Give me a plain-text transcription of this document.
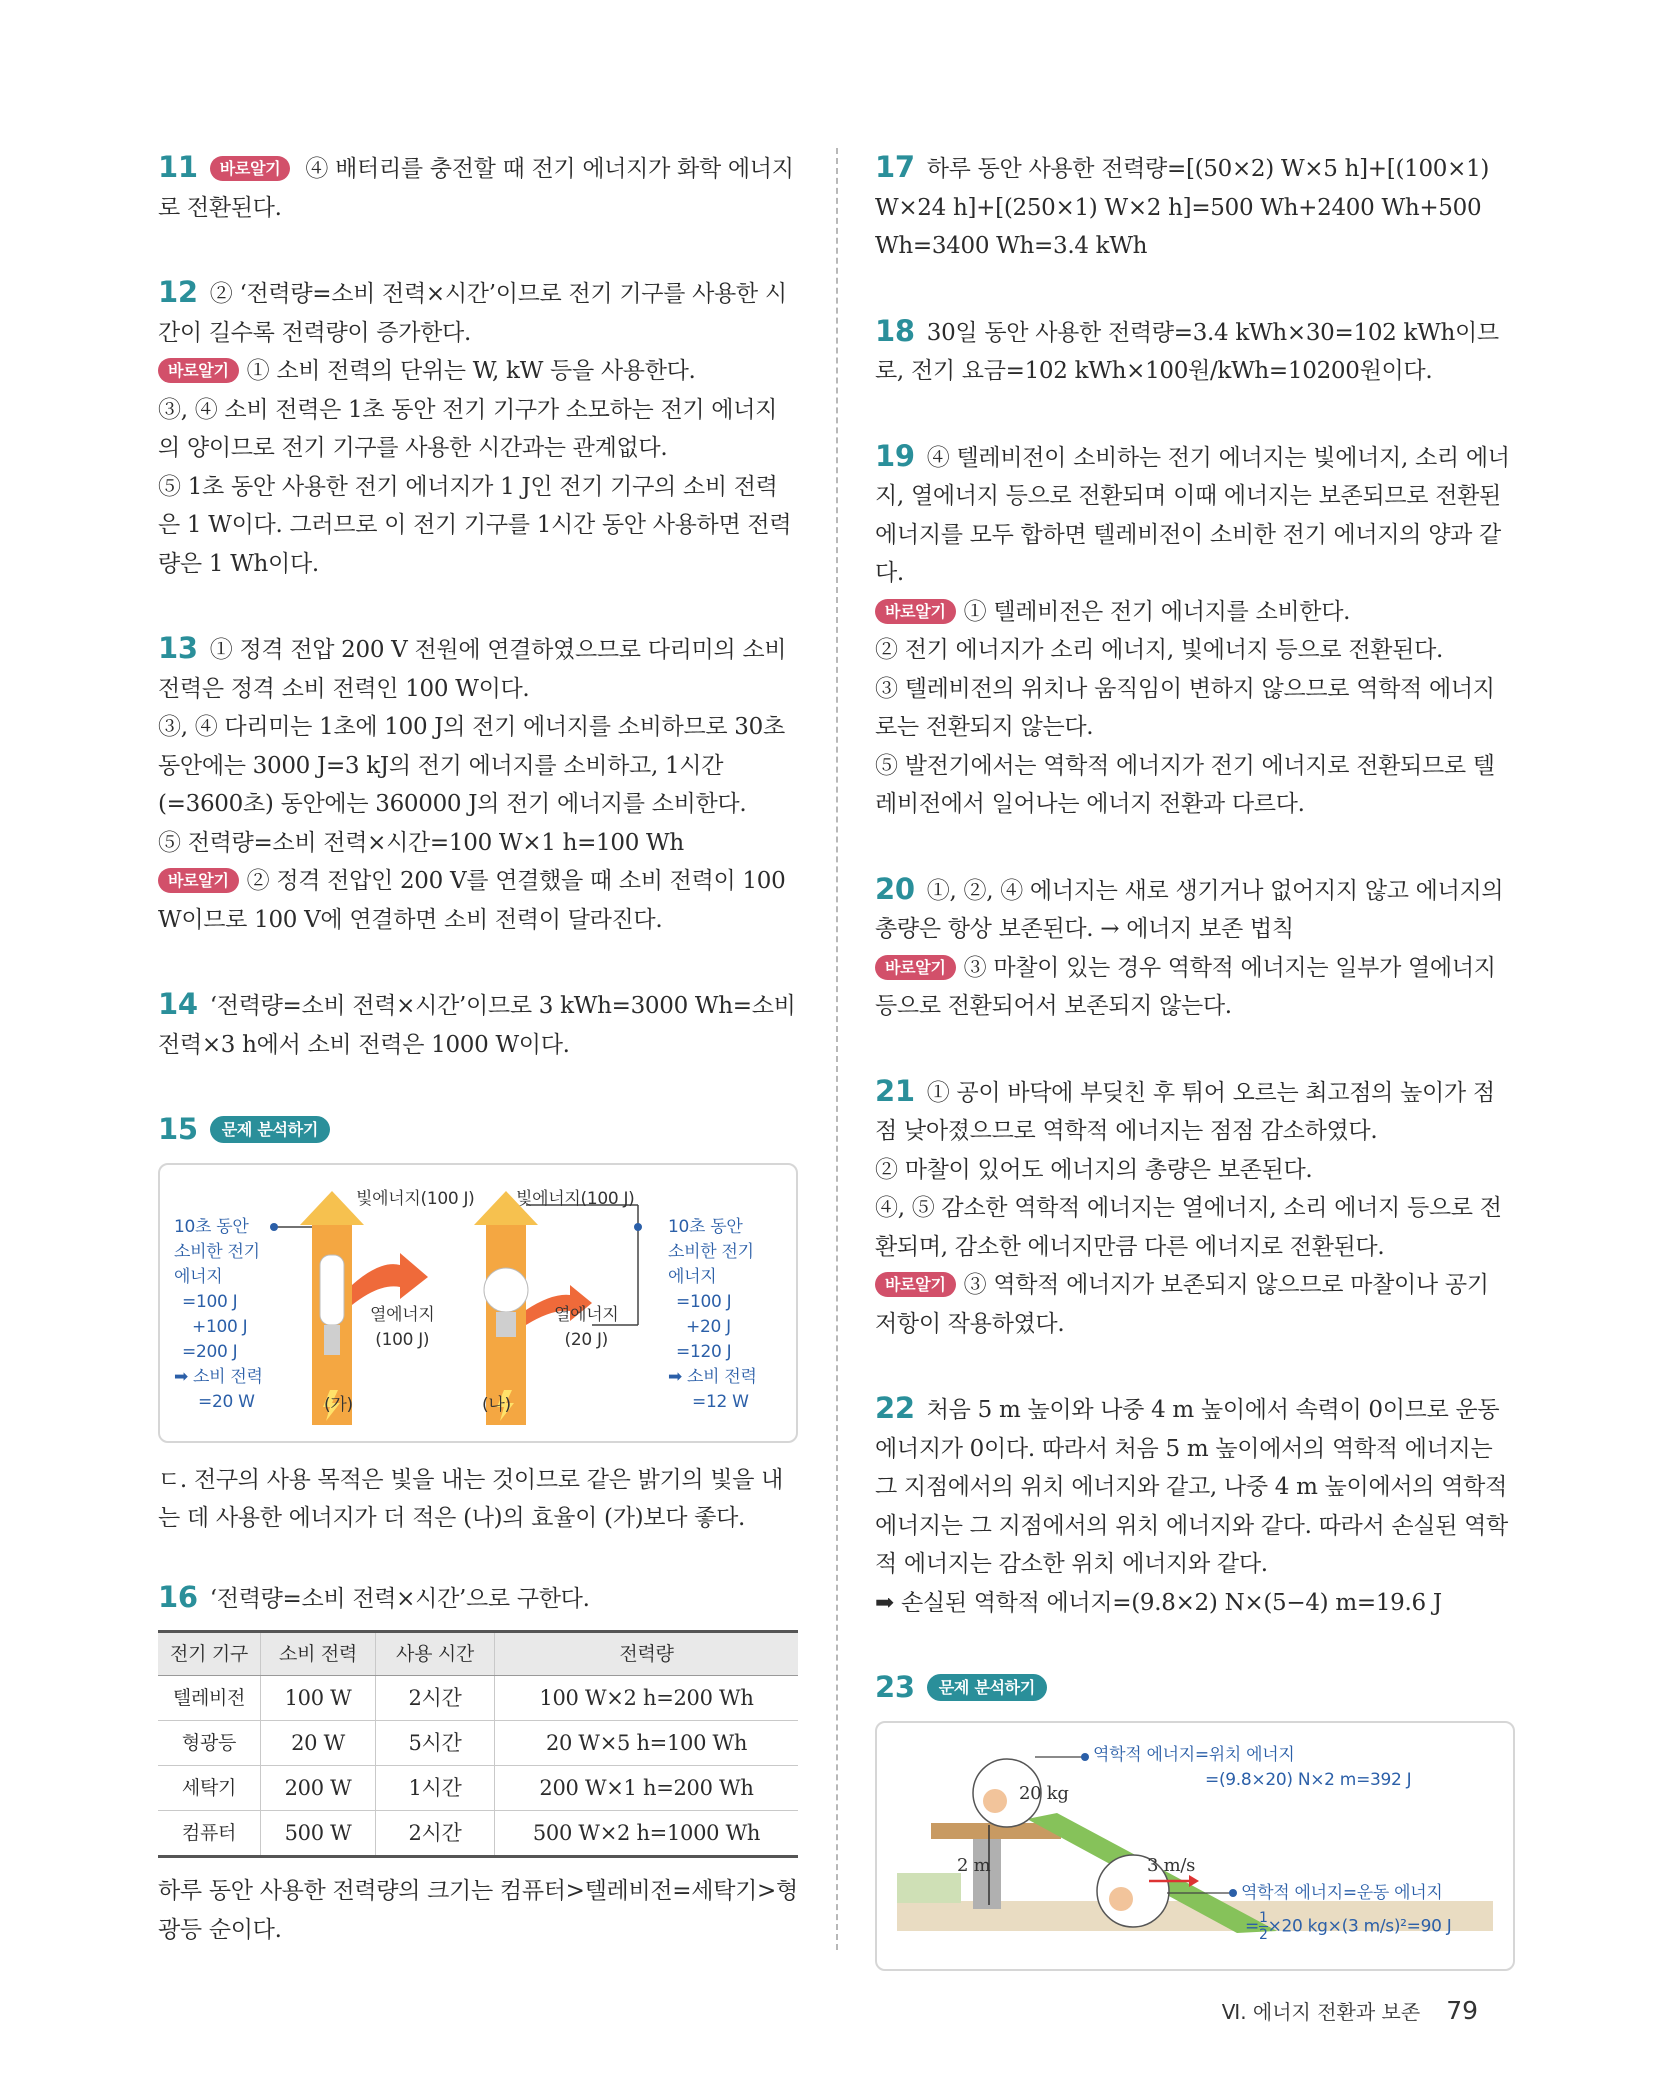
11 바로알기 ④ 배터리를 충전할 때 전기 에너지가 화학 에너지로 전환된다.

12 ② ‘전력량=소비 전력×시간’이므로 전기 기구를 사용한 시간이 길수록 전력량이 증가한다.

바로알기 ① 소비 전력의 단위는 W, kW 등을 사용한다.

③, ④ 소비 전력은 1초 동안 전기 기구가 소모하는 전기 에너지의 양이므로 전기 기구를 사용한 시간과는 관계없다.

⑤ 1초 동안 사용한 전기 에너지가 1 J인 전기 기구의 소비 전력은 1 W이다. 그러므로 이 전기 기구를 1시간 동안 사용하면 전력량은 1 Wh이다.

13 ① 정격 전압 200 V 전원에 연결하였으므로 다리미의 소비 전력은 정격 소비 전력인 100 W이다.

③, ④ 다리미는 1초에 100 J의 전기 에너지를 소비하므로 30초 동안에는 3000 J=3 kJ의 전기 에너지를 소비하고, 1시간(=3600초) 동안에는 360000 J의 전기 에너지를 소비한다.

⑤ 전력량=소비 전력×시간=100 W×1 h=100 Wh

바로알기 ② 정격 전압인 200 V를 연결했을 때 소비 전력이 100 W이므로 100 V에 연결하면 소비 전력이 달라진다.

14 ‘전력량=소비 전력×시간’이므로 3 kWh=3000 Wh=소비 전력×3 h에서 소비 전력은 1000 W이다.

15 문제 분석하기

빛에너지(100 J) 빛에너지(100 J)
10초 동안
소비한 전기
에너지
=100 J
+100 J
=200 J
➡ 소비 전력
=20 W
열에너지
(100 J)
열에너지
(20 J)
10초 동안
소비한 전기
에너지
=100 J
+20 J
=120 J
➡ 소비 전력
=12 W
(가)	(나)

ㄷ. 전구의 사용 목적은 빛을 내는 것이므로 같은 밝기의 빛을 내는 데 사용한 에너지가 더 적은 (나)의 효율이 (가)보다 좋다.

16 ‘전력량=소비 전력×시간’으로 구한다.

전기 기구	소비 전력	사용 시간	전력량
텔레비전	100 W	2시간	100 W×2 h=200 Wh
형광등	20 W	5시간	20 W×5 h=100 Wh
세탁기	200 W	1시간	200 W×1 h=200 Wh
컴퓨터	500 W	2시간	500 W×2 h=1000 Wh

하루 동안 사용한 전력량의 크기는 컴퓨터>텔레비전=세탁기>형광등 순이다.

17 하루 동안 사용한 전력량=[(50×2) W×5 h]+[(100×1) W×24 h]+[(250×1) W×2 h]=500 Wh+2400 Wh+500 Wh=3400 Wh=3.4 kWh

18 30일 동안 사용한 전력량=3.4 kWh×30=102 kWh이므로, 전기 요금=102 kWh×100원/kWh=10200원이다.

19 ④ 텔레비전이 소비하는 전기 에너지는 빛에너지, 소리 에너지, 열에너지 등으로 전환되며 이때 에너지는 보존되므로 전환된 에너지를 모두 합하면 텔레비전이 소비한 전기 에너지의 양과 같다.

바로알기 ① 텔레비전은 전기 에너지를 소비한다.

② 전기 에너지가 소리 에너지, 빛에너지 등으로 전환된다.

③ 텔레비전의 위치나 움직임이 변하지 않으므로 역학적 에너지로는 전환되지 않는다.

⑤ 발전기에서는 역학적 에너지가 전기 에너지로 전환되므로 텔레비전에서 일어나는 에너지 전환과 다르다.

20 ①, ②, ④ 에너지는 새로 생기거나 없어지지 않고 에너지의 총량은 항상 보존된다. → 에너지 보존 법칙

바로알기 ③ 마찰이 있는 경우 역학적 에너지는 일부가 열에너지 등으로 전환되어서 보존되지 않는다.

21 ① 공이 바닥에 부딪친 후 튀어 오르는 최고점의 높이가 점점 낮아졌으므로 역학적 에너지는 점점 감소하였다.

② 마찰이 있어도 에너지의 총량은 보존된다.

④, ⑤ 감소한 역학적 에너지는 열에너지, 소리 에너지 등으로 전환되며, 감소한 에너지만큼 다른 에너지로 전환된다.

바로알기 ③ 역학적 에너지가 보존되지 않으므로 마찰이나 공기 저항이 작용하였다.

22 처음 5 m 높이와 나중 4 m 높이에서 속력이 0이므로 운동 에너지가 0이다. 따라서 처음 5 m 높이에서의 역학적 에너지는 그 지점에서의 위치 에너지와 같고, 나중 4 m 높이에서의 역학적 에너지는 그 지점에서의 위치 에너지와 같다. 따라서 손실된 역학적 에너지는 감소한 위치 에너지와 같다.

➡ 손실된 역학적 에너지=(9.8×2) N×(5−4) m=19.6 J

23 문제 분석하기

20 kg
2 m	3 m/s
역학적 에너지=위치 에너지
=(9.8×20) N×2 m=392 J
역학적 에너지=운동 에너지
= $\frac{1}{2} \times 20$ kg×(3 m/s)²=90 J
Ⅵ. 에너지 전환과 보존 79
